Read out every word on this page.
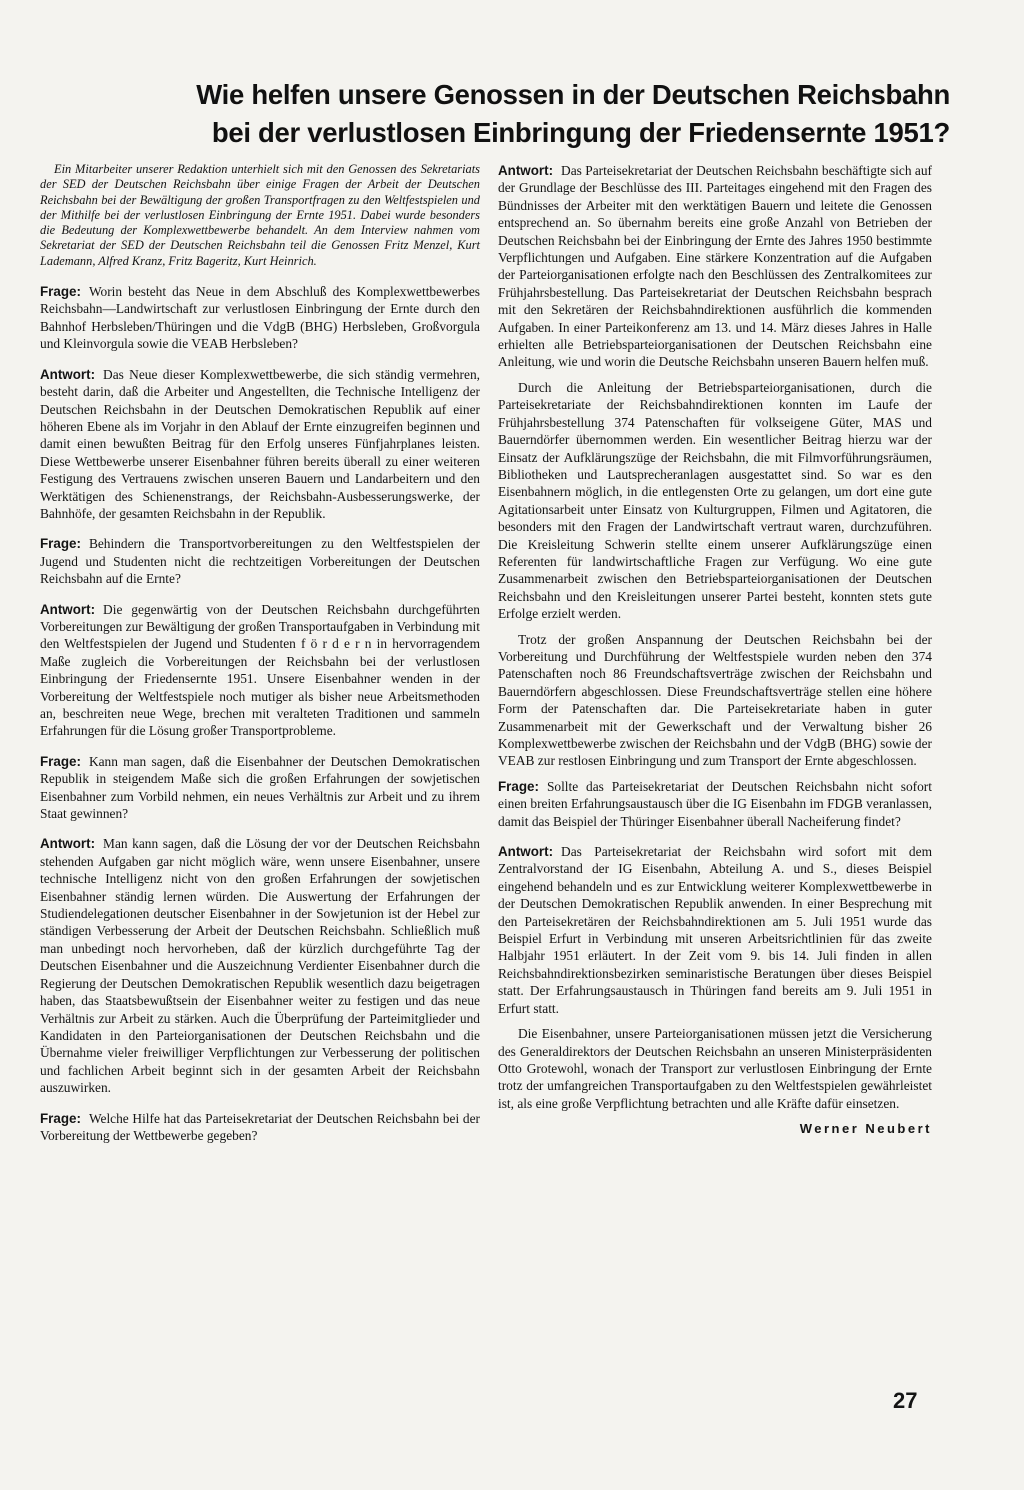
Wie helfen unsere Genossen in der Deutschen Reichsbahn
bei der verlustlosen Einbringung der Friedensernte 1951?

Ein Mitarbeiter unserer Redaktion unterhielt sich mit den Genossen des Sekretariats der SED der Deutschen Reichsbahn über einige Fragen der Arbeit der Deutschen Reichsbahn bei der Bewältigung der großen Transportfragen zu den Weltfestspielen und der Mithilfe bei der verlustlosen Einbringung der Ernte 1951. Dabei wurde besonders die Bedeutung der Komplexwettbewerbe behandelt. An dem Interview nahmen vom Sekretariat der SED der Deutschen Reichsbahn teil die Genossen Fritz Menzel, Kurt Lademann, Alfred Kranz, Fritz Bageritz, Kurt Heinrich.

Frage: Worin besteht das Neue in dem Abschluß des Komplexwettbewerbes Reichsbahn—Landwirtschaft zur verlustlosen Einbringung der Ernte durch den Bahnhof Herbsleben/Thüringen und die VdgB (BHG) Herbsleben, Großvorgula und Kleinvorgula sowie die VEAB Herbsleben?

Antwort: Das Neue dieser Komplexwettbewerbe, die sich ständig vermehren, besteht darin, daß die Arbeiter und Angestellten, die Technische Intelligenz der Deutschen Reichsbahn in der Deutschen Demokratischen Republik auf einer höheren Ebene als im Vorjahr in den Ablauf der Ernte einzugreifen beginnen und damit einen bewußten Beitrag für den Erfolg unseres Fünfjahrplanes leisten. Diese Wettbewerbe unserer Eisenbahner führen bereits überall zu einer weiteren Festigung des Vertrauens zwischen unseren Bauern und Landarbeitern und den Werktätigen des Schienenstrangs, der Reichsbahn-Ausbesserungswerke, der Bahnhöfe, der gesamten Reichsbahn in der Republik.

Frage: Behindern die Transportvorbereitungen zu den Weltfestspielen der Jugend und Studenten nicht die rechtzeitigen Vorbereitungen der Deutschen Reichsbahn auf die Ernte?

Antwort: Die gegenwärtig von der Deutschen Reichsbahn durchgeführten Vorbereitungen zur Bewältigung der großen Transportaufgaben in Verbindung mit den Weltfestspielen der Jugend und Studenten f ö r d e r n in hervorragendem Maße zugleich die Vorbereitungen der Reichsbahn bei der verlustlosen Einbringung der Friedensernte 1951. Unsere Eisenbahner wenden in der Vorbereitung der Weltfestspiele noch mutiger als bisher neue Arbeitsmethoden an, beschreiten neue Wege, brechen mit veralteten Traditionen und sammeln Erfahrungen für die Lösung großer Transportprobleme.

Frage: Kann man sagen, daß die Eisenbahner der Deutschen Demokratischen Republik in steigendem Maße sich die großen Erfahrungen der sowjetischen Eisenbahner zum Vorbild nehmen, ein neues Verhältnis zur Arbeit und zu ihrem Staat gewinnen?

Antwort: Man kann sagen, daß die Lösung der vor der Deutschen Reichsbahn stehenden Aufgaben gar nicht möglich wäre, wenn unsere Eisenbahner, unsere technische Intelligenz nicht von den großen Erfahrungen der sowjetischen Eisenbahner ständig lernen würden. Die Auswertung der Erfahrungen der Studiendelegationen deutscher Eisenbahner in der Sowjetunion ist der Hebel zur ständigen Verbesserung der Arbeit der Deutschen Reichsbahn. Schließlich muß man unbedingt noch hervorheben, daß der kürzlich durchgeführte Tag der Deutschen Eisenbahner und die Auszeichnung Verdienter Eisenbahner durch die Regierung der Deutschen Demokratischen Republik wesentlich dazu beigetragen haben, das Staatsbewußtsein der Eisenbahner weiter zu festigen und das neue Verhältnis zur Arbeit zu stärken. Auch die Überprüfung der Parteimitglieder und Kandidaten in den Parteiorganisationen der Deutschen Reichsbahn und die Übernahme vieler freiwilliger Verpflichtungen zur Verbesserung der politischen und fachlichen Arbeit beginnt sich in der gesamten Arbeit der Reichsbahn auszuwirken.

Frage: Welche Hilfe hat das Parteisekretariat der Deutschen Reichsbahn bei der Vorbereitung der Wettbewerbe gegeben?

Antwort: Das Parteisekretariat der Deutschen Reichsbahn beschäftigte sich auf der Grundlage der Beschlüsse des III. Parteitages eingehend mit den Fragen des Bündnisses der Arbeiter mit den werktätigen Bauern und leitete die Genossen entsprechend an. So übernahm bereits eine große Anzahl von Betrieben der Deutschen Reichsbahn bei der Einbringung der Ernte des Jahres 1950 bestimmte Verpflichtungen und Aufgaben. Eine stärkere Konzentration auf die Aufgaben der Parteiorganisationen erfolgte nach den Beschlüssen des Zentralkomitees zur Frühjahrsbestellung. Das Parteisekretariat der Deutschen Reichsbahn besprach mit den Sekretären der Reichsbahndirektionen ausführlich die kommenden Aufgaben. In einer Parteikonferenz am 13. und 14. März dieses Jahres in Halle erhielten alle Betriebsparteiorganisationen der Deutschen Reichsbahn eine Anleitung, wie und worin die Deutsche Reichsbahn unseren Bauern helfen muß.

Durch die Anleitung der Betriebsparteiorganisationen, durch die Parteisekretariate der Reichsbahndirektionen konnten im Laufe der Frühjahrsbestellung 374 Patenschaften für volkseigene Güter, MAS und Bauerndörfer übernommen werden. Ein wesentlicher Beitrag hierzu war der Einsatz der Aufklärungszüge der Reichsbahn, die mit Filmvorführungsräumen, Bibliotheken und Lautsprecheranlagen ausgestattet sind. So war es den Eisenbahnern möglich, in die entlegensten Orte zu gelangen, um dort eine gute Agitationsarbeit unter Einsatz von Kulturgruppen, Filmen und Agitatoren, die besonders mit den Fragen der Landwirtschaft vertraut waren, durchzuführen. Die Kreisleitung Schwerin stellte einem unserer Aufklärungszüge einen Referenten für landwirtschaftliche Fragen zur Verfügung. Wo eine gute Zusammenarbeit zwischen den Betriebsparteiorganisationen der Deutschen Reichsbahn und den Kreisleitungen unserer Partei besteht, konnten stets gute Erfolge erzielt werden.

Trotz der großen Anspannung der Deutschen Reichsbahn bei der Vorbereitung und Durchführung der Weltfestspiele wurden neben den 374 Patenschaften noch 86 Freundschaftsverträge zwischen der Reichsbahn und Bauerndörfern abgeschlossen. Diese Freundschaftsverträge stellen eine höhere Form der Patenschaften dar. Die Parteisekretariate haben in guter Zusammenarbeit mit der Gewerkschaft und der Verwaltung bisher 26 Komplexwettbewerbe zwischen der Reichsbahn und der VdgB (BHG) sowie der VEAB zur restlosen Einbringung und zum Transport der Ernte abgeschlossen.

Frage: Sollte das Parteisekretariat der Deutschen Reichsbahn nicht sofort einen breiten Erfahrungsaustausch über die IG Eisenbahn im FDGB veranlassen, damit das Beispiel der Thüringer Eisenbahner überall Nacheiferung findet?

Antwort: Das Parteisekretariat der Reichsbahn wird sofort mit dem Zentralvorstand der IG Eisenbahn, Abteilung A. und S., dieses Beispiel eingehend behandeln und es zur Entwicklung weiterer Komplexwettbewerbe in der Deutschen Demokratischen Republik anwenden. In einer Besprechung mit den Parteisekretären der Reichsbahndirektionen am 5. Juli 1951 wurde das Beispiel Erfurt in Verbindung mit unseren Arbeitsrichtlinien für das zweite Halbjahr 1951 erläutert. In der Zeit vom 9. bis 14. Juli finden in allen Reichsbahndirektionsbezirken seminaristische Beratungen über dieses Beispiel statt. Der Erfahrungsaustausch in Thüringen fand bereits am 9. Juli 1951 in Erfurt statt.

Die Eisenbahner, unsere Parteiorganisationen müssen jetzt die Versicherung des Generaldirektors der Deutschen Reichsbahn an unseren Ministerpräsidenten Otto Grotewohl, wonach der Transport zur verlustlosen Einbringung der Ernte trotz der umfangreichen Transportaufgaben zu den Weltfestspielen gewährleistet ist, als eine große Verpflichtung betrachten und alle Kräfte dafür einsetzen.

Werner Neubert
27
